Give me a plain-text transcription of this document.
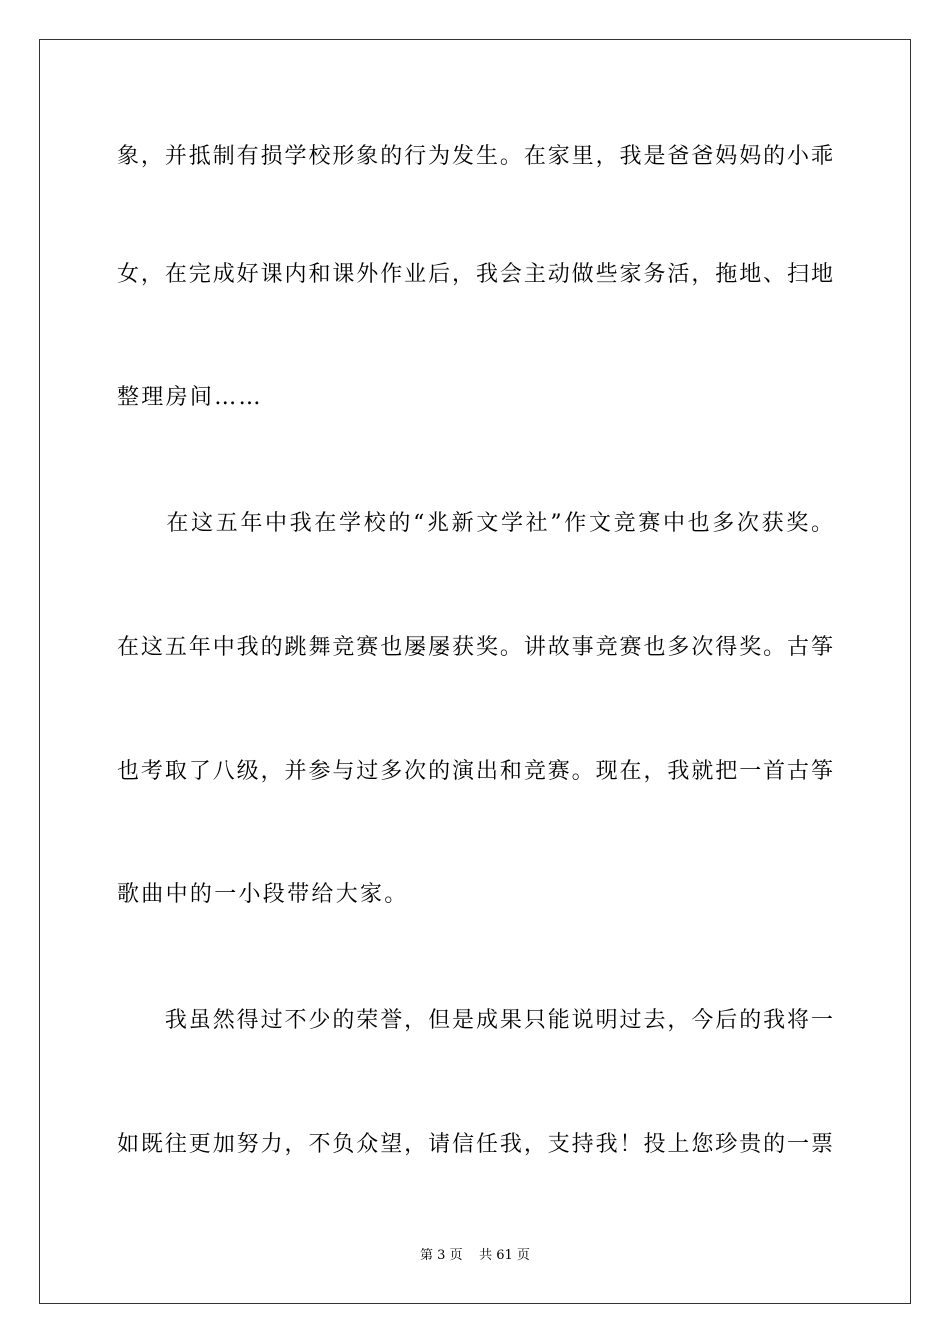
象，并抵制有损学校形象的行为发生。在家里，我是爸爸妈妈的小乖
女，在完成好课内和课外作业后，我会主动做些家务活，拖地、扫地
整理房间……
　　在这五年中我在学校的“兆新文学社”作文竞赛中也多次获奖。
在这五年中我的跳舞竞赛也屡屡获奖。讲故事竞赛也多次得奖。古筝
也考取了八级，并参与过多次的演出和竞赛。现在，我就把一首古筝
歌曲中的一小段带给大家。
　　我虽然得过不少的荣誉，但是成果只能说明过去，今后的我将一
如既往更加努力，不负众望，请信任我，支持我！投上您珍贵的一票
第 3 页 共 61 页
